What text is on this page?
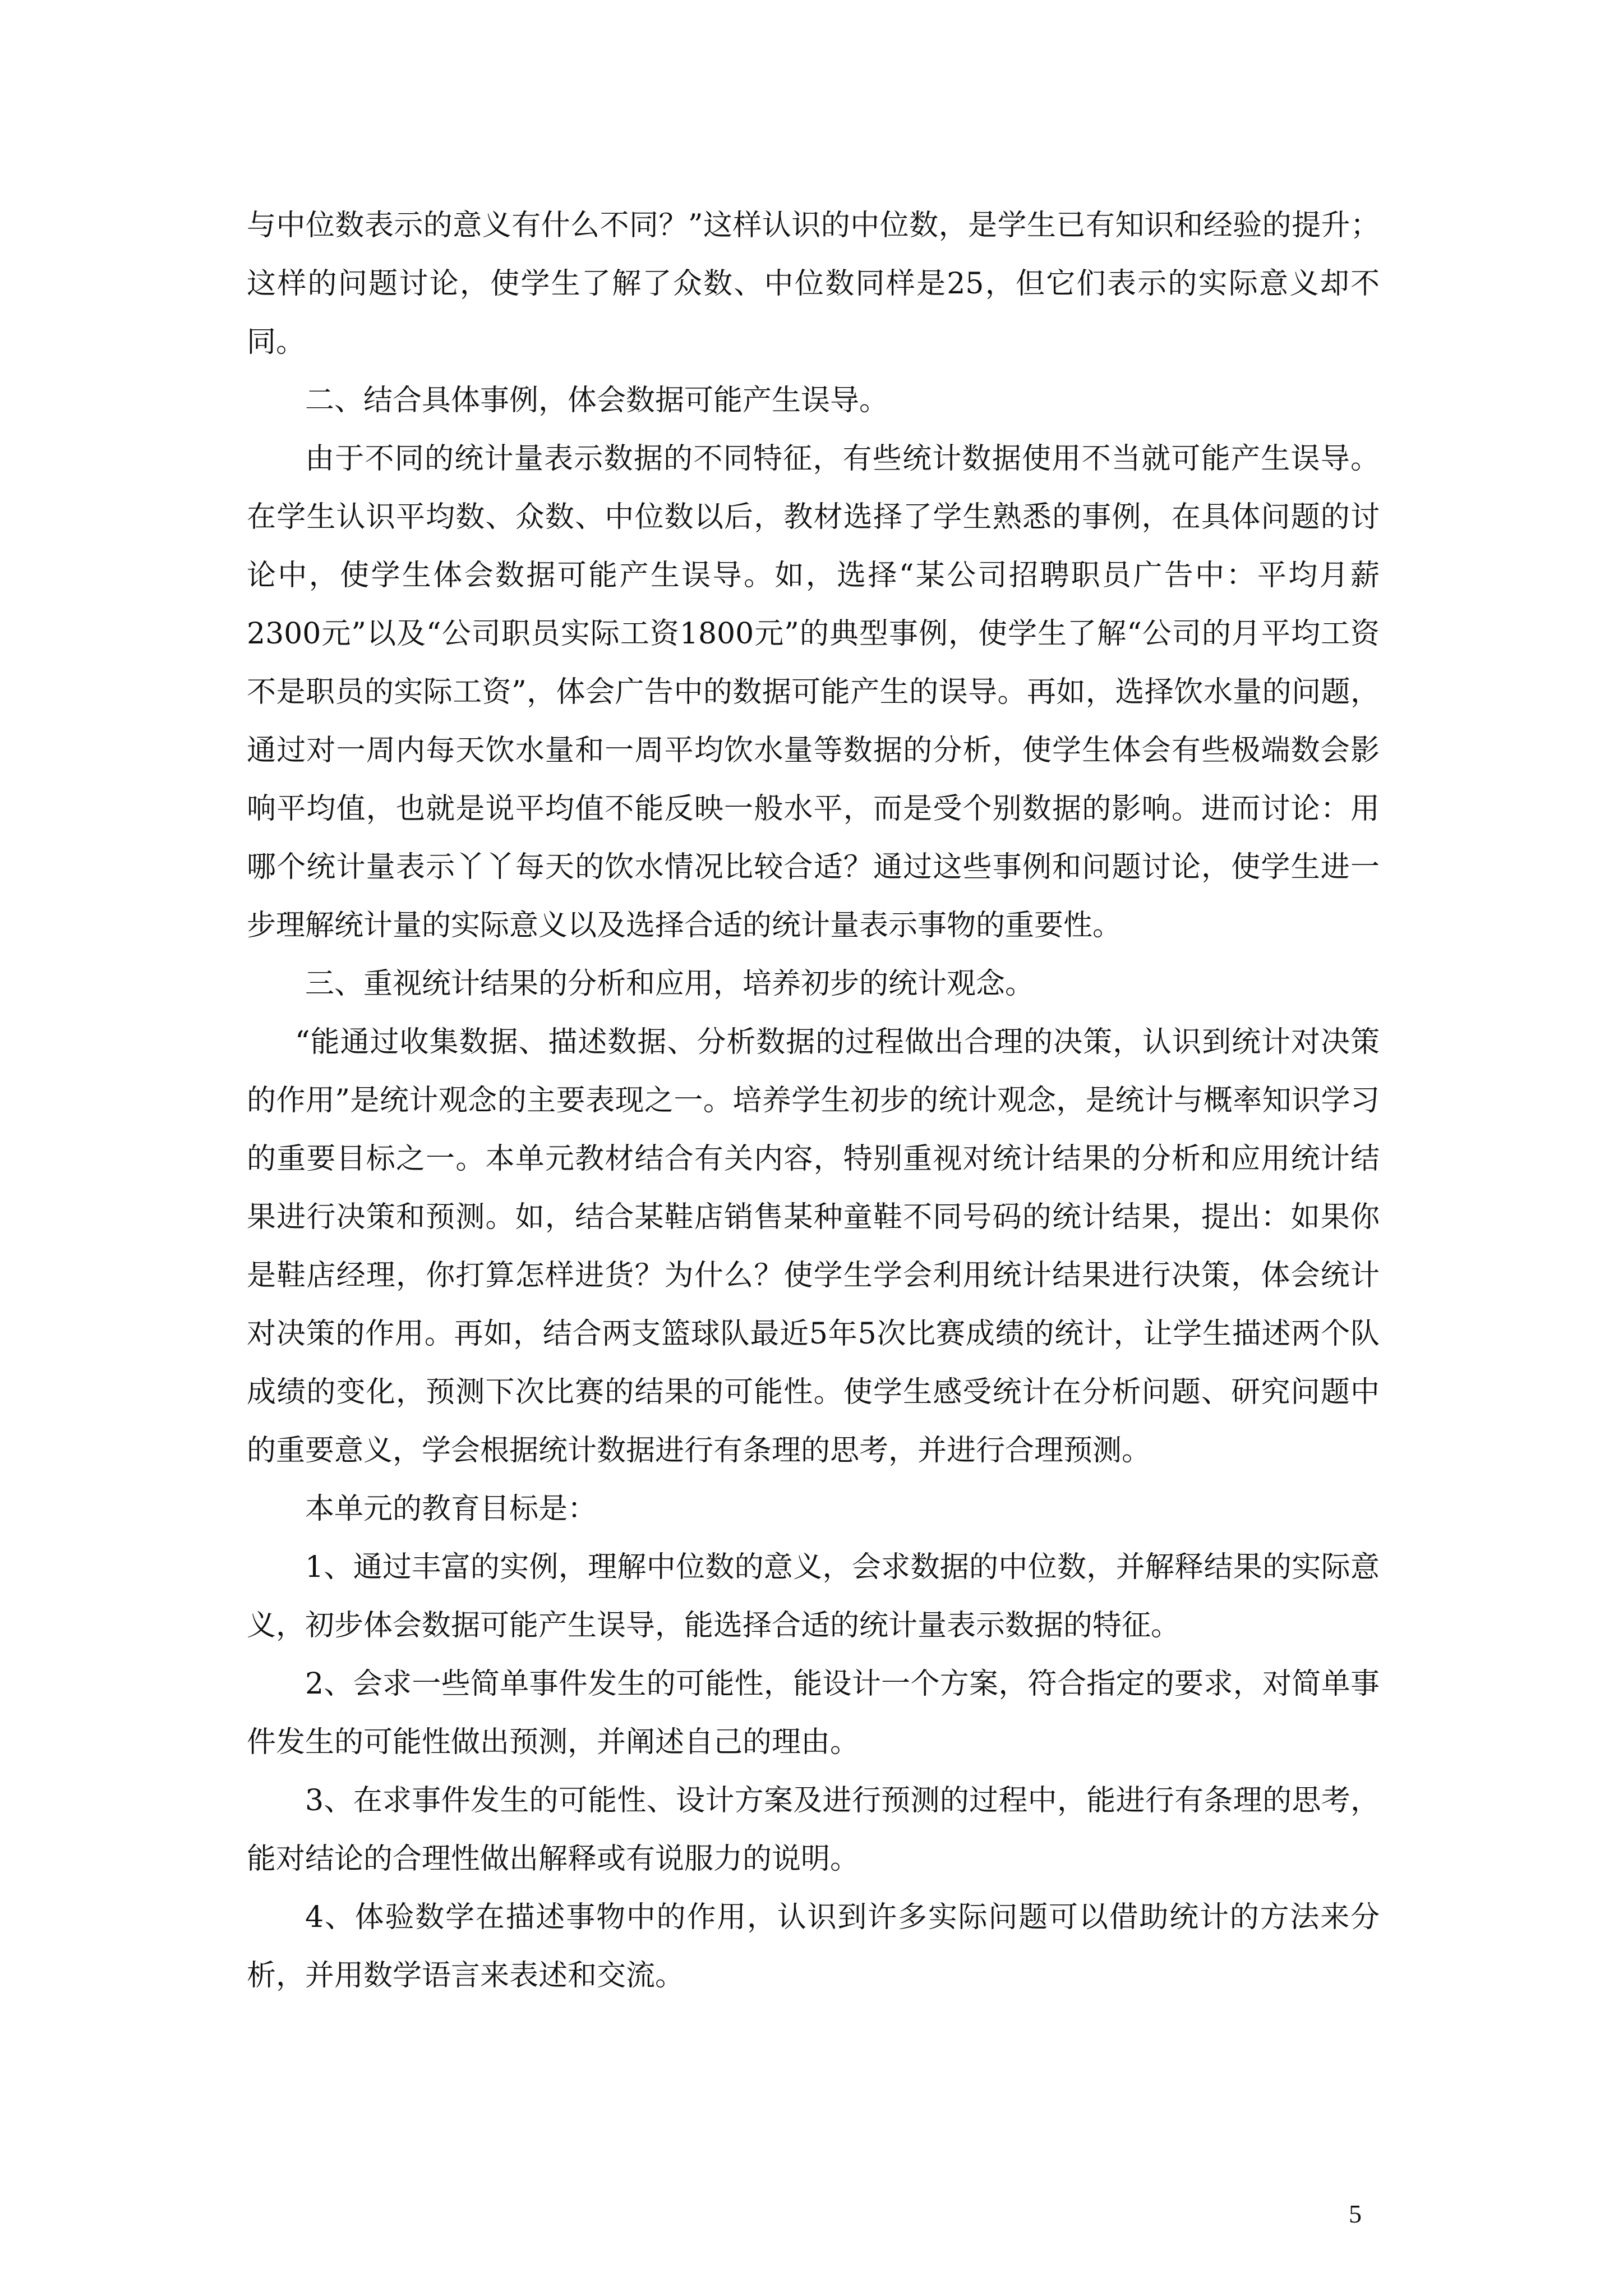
与中位数表示的意义有什么不同？”这样认识的中位数，是学生已有知识和经验的提升；这样的问题讨论，使学生了解了众数、中位数同样是25，但它们表示的实际意义却不同。

二、结合具体事例，体会数据可能产生误导。

由于不同的统计量表示数据的不同特征，有些统计数据使用不当就可能产生误导。在学生认识平均数、众数、中位数以后，教材选择了学生熟悉的事例，在具体问题的讨论中，使学生体会数据可能产生误导。如，选择“某公司招聘职员广告中：平均月薪2300元”以及“公司职员实际工资1800元”的典型事例，使学生了解“公司的月平均工资不是职员的实际工资”，体会广告中的数据可能产生的误导。再如，选择饮水量的问题，通过对一周内每天饮水量和一周平均饮水量等数据的分析，使学生体会有些极端数会影响平均值，也就是说平均值不能反映一般水平，而是受个别数据的影响。进而讨论：用哪个统计量表示丫丫每天的饮水情况比较合适？通过这些事例和问题讨论，使学生进一步理解统计量的实际意义以及选择合适的统计量表示事物的重要性。

三、重视统计结果的分析和应用，培养初步的统计观念。

“能通过收集数据、描述数据、分析数据的过程做出合理的决策，认识到统计对决策的作用”是统计观念的主要表现之一。培养学生初步的统计观念，是统计与概率知识学习的重要目标之一。本单元教材结合有关内容，特别重视对统计结果的分析和应用统计结果进行决策和预测。如，结合某鞋店销售某种童鞋不同号码的统计结果，提出：如果你是鞋店经理，你打算怎样进货？为什么？使学生学会利用统计结果进行决策，体会统计对决策的作用。再如，结合两支篮球队最近5年5次比赛成绩的统计，让学生描述两个队成绩的变化，预测下次比赛的结果的可能性。使学生感受统计在分析问题、研究问题中的重要意义，学会根据统计数据进行有条理的思考，并进行合理预测。

本单元的教育目标是：

1、通过丰富的实例，理解中位数的意义，会求数据的中位数，并解释结果的实际意义，初步体会数据可能产生误导，能选择合适的统计量表示数据的特征。

2、会求一些简单事件发生的可能性，能设计一个方案，符合指定的要求，对简单事件发生的可能性做出预测，并阐述自己的理由。

3、在求事件发生的可能性、设计方案及进行预测的过程中，能进行有条理的思考，能对结论的合理性做出解释或有说服力的说明。

4、体验数学在描述事物中的作用，认识到许多实际问题可以借助统计的方法来分析，并用数学语言来表述和交流。

5
